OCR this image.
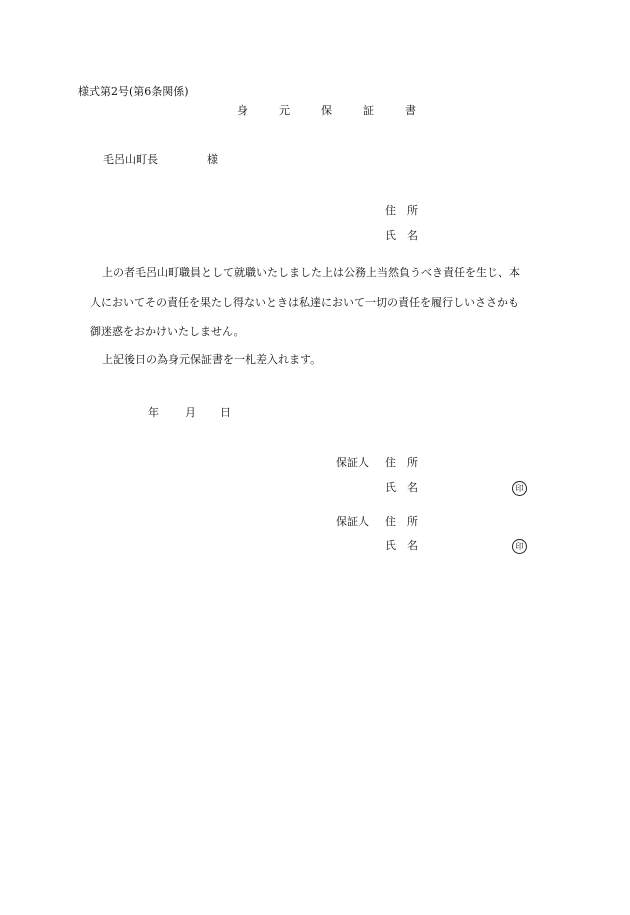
様式第2号(第6条関係)
身	元	保	証	書
毛呂山町長	様
住 所
氏 名
上の者毛呂山町職員として就職いたしました上は公務上当然負うべき責任を生じ、本
人においてその責任を果たし得ないときは私達において一切の責任を履行しいささかも
御迷惑をおかけいたしません。
上記後日の為身元保証書を一札差入れます。
年 月 日
保証人 住 所
氏 名	印
保証人 住 所
氏 名	印
